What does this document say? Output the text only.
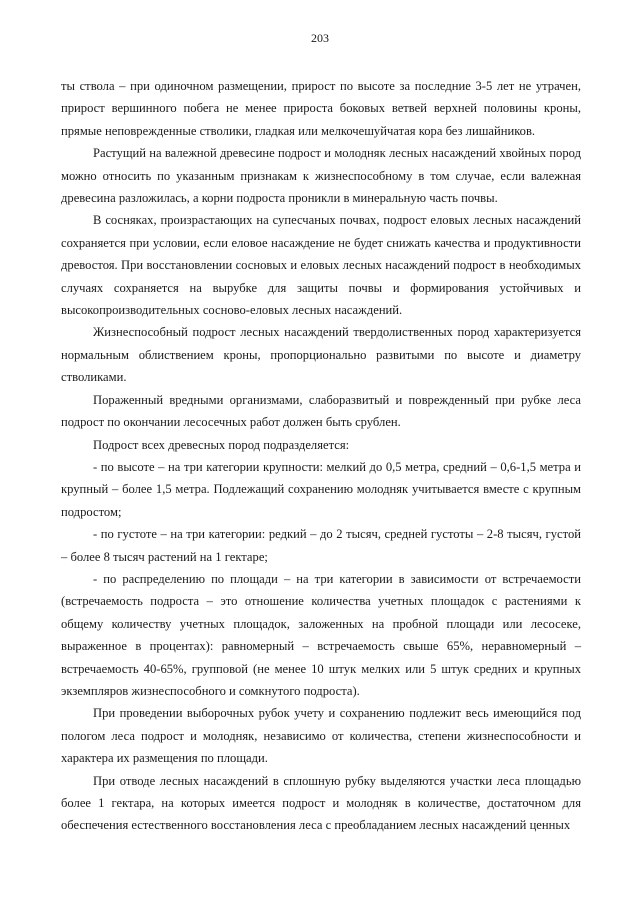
203

ты ствола – при одиночном размещении, прирост по высоте за последние 3-5 лет не утрачен, прирост вершинного побега не менее прироста боковых ветвей верхней половины кроны, прямые неповрежденные стволики, гладкая или мелкочешуйчатая кора без лишайников.

Растущий на валежной древесине подрост и молодняк лесных насаждений хвойных пород можно относить по указанным признакам к жизнеспособному в том случае, если валежная древесина разложилась, а корни подроста проникли в минеральную часть почвы.

В сосняках, произрастающих на супесчаных почвах, подрост еловых лесных насаждений сохраняется при условии, если еловое насаждение не будет снижать качества и продуктивности древостоя. При восстановлении сосновых и еловых лесных насаждений подрост в необходимых случаях сохраняется на вырубке для защиты почвы и формирования устойчивых и высокопроизводительных сосново-еловых лесных насаждений.

Жизнеспособный подрост лесных насаждений твердолиственных пород характеризуется нормальным облиствением кроны, пропорционально развитыми по высоте и диаметру стволиками.

Пораженный вредными организмами, слаборазвитый и поврежденный при рубке леса подрост по окончании лесосечных работ должен быть срублен.

Подрост всех древесных пород подразделяется:

- по высоте – на три категории крупности: мелкий до 0,5 метра, средний – 0,6-1,5 метра и крупный – более 1,5 метра. Подлежащий сохранению молодняк учитывается вместе с крупным подростом;

- по густоте – на три категории: редкий – до 2 тысяч, средней густоты – 2-8 тысяч, густой – более 8 тысяч растений на 1 гектаре;

- по распределению по площади – на три категории в зависимости от встречаемости (встречаемость подроста – это отношение количества учетных площадок с растениями к общему количеству учетных площадок, заложенных на пробной площади или лесосеке, выраженное в процентах): равномерный – встречаемость свыше 65%, неравномерный – встречаемость 40-65%, групповой (не менее 10 штук мелких или 5 штук средних и крупных экземпляров жизнеспособного и сомкнутого подроста).

При проведении выборочных рубок учету и сохранению подлежит весь имеющийся под пологом леса подрост и молодняк, независимо от количества, степени жизнеспособности и характера их размещения по площади.

При отводе лесных насаждений в сплошную рубку выделяются участки леса площадью более 1 гектара, на которых имеется подрост и молодняк в количестве, достаточном для обеспечения естественного восстановления леса с преобладанием лесных насаждений ценных
